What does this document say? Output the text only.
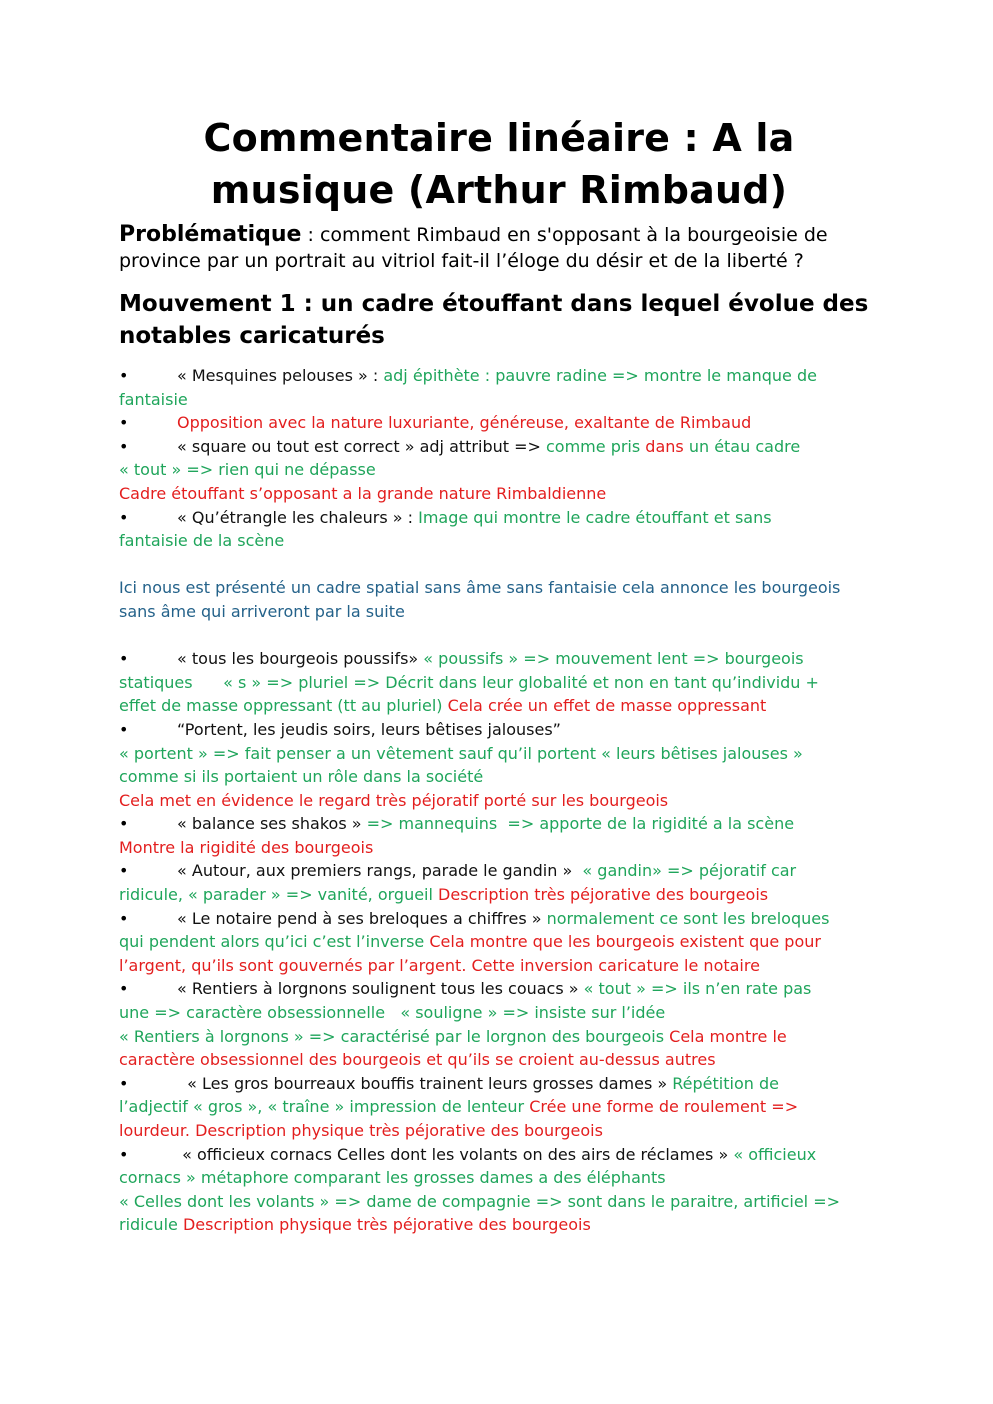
Commentaire linéaire : A la musique (Arthur Rimbaud)

Problématique : comment Rimbaud en s'opposant à la bourgeoisie de province par un portrait au vitriol fait-il l’éloge du désir et de la liberté ?

Mouvement 1 : un cadre étouffant dans lequel évolue des notables caricaturés
•	« Mesquines pelouses » : adj épithète : pauvre radine => montre le manque de
fantaisie
•	Opposition avec la nature luxuriante, généreuse, exaltante de Rimbaud
•	« square ou tout est correct » adj attribut => comme pris dans un étau cadre
« tout » => rien qui ne dépasse
Cadre étouffant s’opposant a la grande nature Rimbaldienne
•	« Qu’étrangle les chaleurs » : Image qui montre le cadre étouffant et sans
fantaisie de la scène
Ici nous est présenté un cadre spatial sans âme sans fantaisie cela annonce les bourgeois
sans âme qui arriveront par la suite
•	« tous les bourgeois poussifs» « poussifs » => mouvement lent => bourgeois
statiques      « s » => pluriel => Décrit dans leur globalité et non en tant qu’individu +
effet de masse oppressant (tt au pluriel) Cela crée un effet de masse oppressant
•	“Portent, les jeudis soirs, leurs bêtises jalouses”
« portent » => fait penser a un vêtement sauf qu’il portent « leurs bêtises jalouses »
comme si ils portaient un rôle dans la société
Cela met en évidence le regard très péjoratif porté sur les bourgeois
•	« balance ses shakos » => mannequins  => apporte de la rigidité a la scène
Montre la rigidité des bourgeois
•	« Autour, aux premiers rangs, parade le gandin »  « gandin» => péjoratif car
ridicule, « parader » => vanité, orgueil Description très péjorative des bourgeois
•	« Le notaire pend à ses breloques a chiffres » normalement ce sont les breloques
qui pendent alors qu’ici c’est l’inverse Cela montre que les bourgeois existent que pour
l’argent, qu’ils sont gouvernés par l’argent. Cette inversion caricature le notaire
•	« Rentiers à lorgnons soulignent tous les couacs » « tout » => ils n’en rate pas
une => caractère obsessionnelle   « souligne » => insiste sur l’idée
« Rentiers à lorgnons » => caractérisé par le lorgnon des bourgeois Cela montre le
caractère obsessionnel des bourgeois et qu’ils se croient au-dessus autres
•	« Les gros bourreaux bouffis trainent leurs grosses dames » Répétition de
l’adjectif « gros », « traîne » impression de lenteur Crée une forme de roulement =>
lourdeur. Description physique très péjorative des bourgeois
•	« officieux cornacs Celles dont les volants on des airs de réclames » « officieux
cornacs » métaphore comparant les grosses dames a des éléphants
« Celles dont les volants » => dame de compagnie => sont dans le paraitre, artificiel =>
ridicule Description physique très péjorative des bourgeois
